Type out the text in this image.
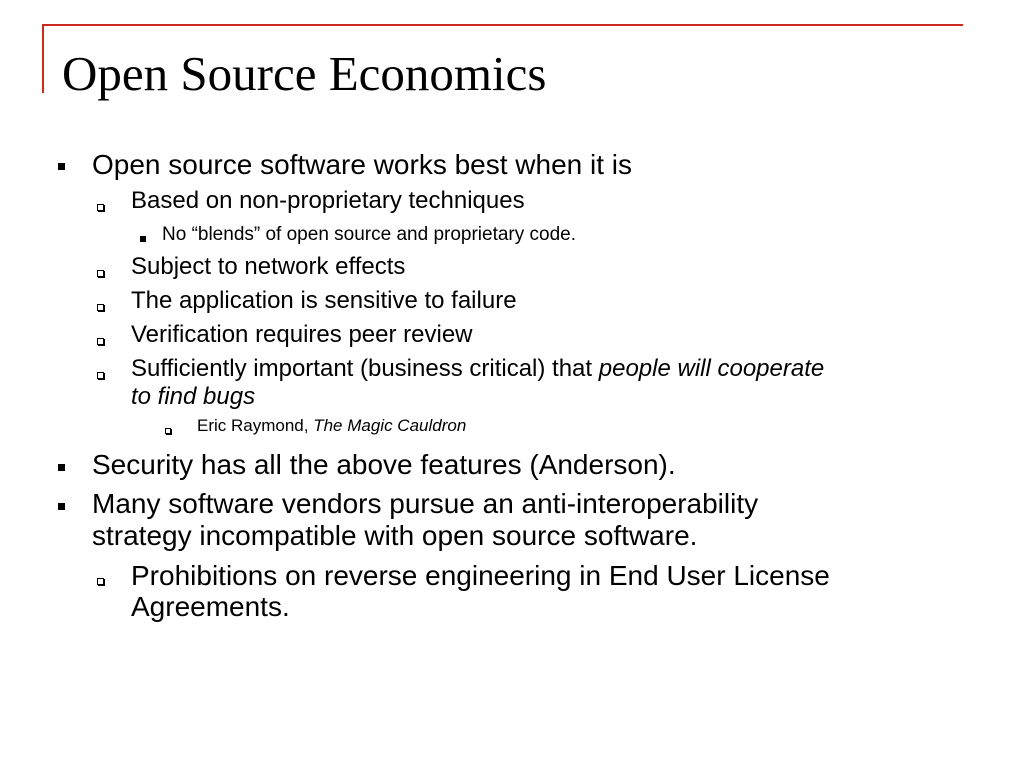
Open Source Economics
Open source software works best when it is
Based on non-proprietary techniques
No “blends” of open source and proprietary code.
Subject to network effects
The application is sensitive to failure
Verification requires peer review
Sufficiently important (business critical) that people will cooperate
to find bugs
Eric Raymond, The Magic Cauldron
Security has all the above features (Anderson).
Many software vendors pursue an anti-interoperability
strategy incompatible with open source software.
Prohibitions on reverse engineering in End User License
Agreements.
